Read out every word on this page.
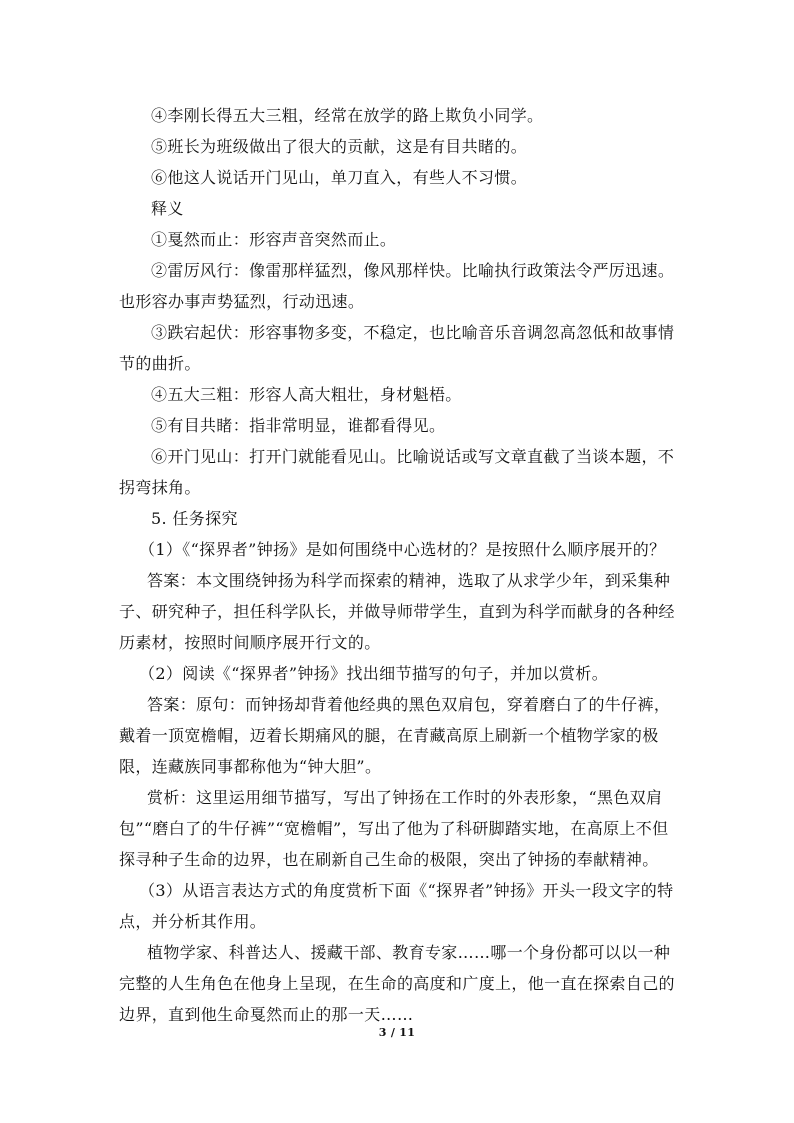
④李刚长得五大三粗，经常在放学的路上欺负小同学。

⑤班长为班级做出了很大的贡献，这是有目共睹的。

⑥他这人说话开门见山，单刀直入，有些人不习惯。

释义

①戛然而止：形容声音突然而止。

②雷厉风行：像雷那样猛烈，像风那样快。比喻执行政策法令严厉迅速。也形容办事声势猛烈，行动迅速。

③跌宕起伏：形容事物多变，不稳定，也比喻音乐音调忽高忽低和故事情节的曲折。

④五大三粗：形容人高大粗壮，身材魁梧。

⑤有目共睹：指非常明显，谁都看得见。

⑥开门见山：打开门就能看见山。比喻说话或写文章直截了当谈本题，不拐弯抹角。

5. 任务探究

（1）《“探界者”钟扬》是如何围绕中心选材的？是按照什么顺序展开的？

答案：本文围绕钟扬为科学而探索的精神，选取了从求学少年，到采集种子、研究种子，担任科学队长，并做导师带学生，直到为科学而献身的各种经历素材，按照时间顺序展开行文的。

（2）阅读《“探界者”钟扬》找出细节描写的句子，并加以赏析。

答案：原句：而钟扬却背着他经典的黑色双肩包，穿着磨白了的牛仔裤，戴着一顶宽檐帽，迈着长期痛风的腿，在青藏高原上刷新一个植物学家的极限，连藏族同事都称他为“钟大胆”。

赏析：这里运用细节描写，写出了钟扬在工作时的外表形象，“黑色双肩包”“磨白了的牛仔裤”“宽檐帽”，写出了他为了科研脚踏实地，在高原上不但探寻种子生命的边界，也在刷新自己生命的极限，突出了钟扬的奉献精神。

（3）从语言表达方式的角度赏析下面《“探界者”钟扬》开头一段文字的特点，并分析其作用。

植物学家、科普达人、援藏干部、教育专家……哪一个身份都可以以一种完整的人生角色在他身上呈现，在生命的高度和广度上，他一直在探索自己的边界，直到他生命戛然而止的那一天……

3 / 11
